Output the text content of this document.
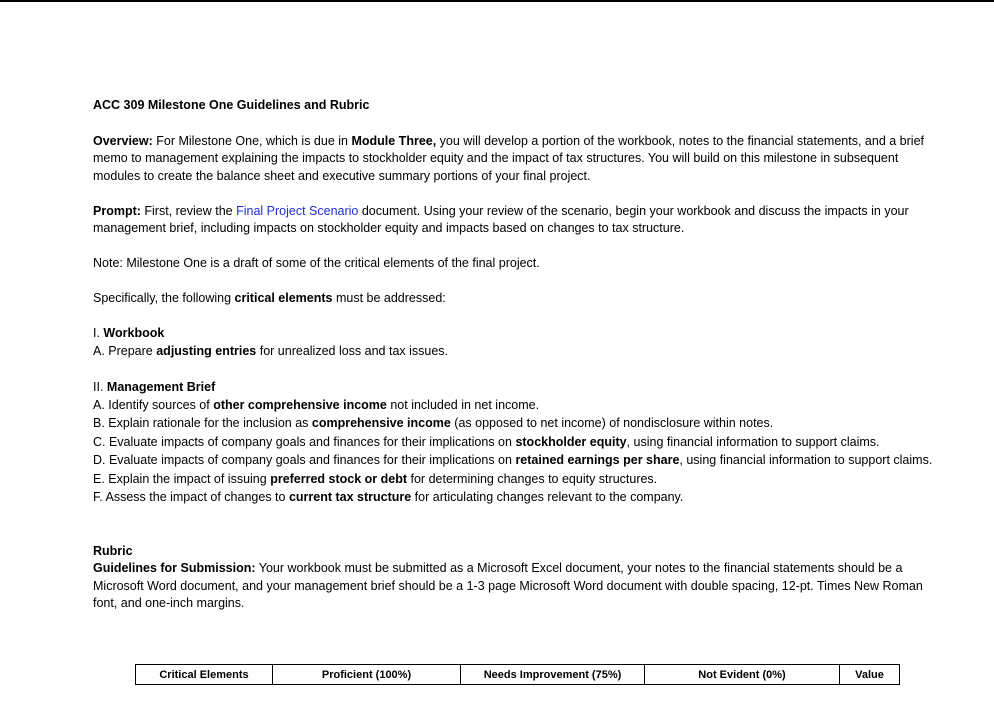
ACC 309 Milestone One Guidelines and Rubric

Overview: For Milestone One, which is due in Module Three, you will develop a portion of the workbook, notes to the financial statements, and a brief memo to management explaining the impacts to stockholder equity and the impact of tax structures. You will build on this milestone in subsequent modules to create the balance sheet and executive summary portions of your final project.

Prompt: First, review the Final Project Scenario document. Using your review of the scenario, begin your workbook and discuss the impacts in your management brief, including impacts on stockholder equity and impacts based on changes to tax structure.

Note: Milestone One is a draft of some of the critical elements of the final project.

Specifically, the following critical elements must be addressed:

I. Workbook

A. Prepare adjusting entries for unrealized loss and tax issues.

II. Management Brief

A. Identify sources of other comprehensive income not included in net income.
B. Explain rationale for the inclusion as comprehensive income (as opposed to net income) of nondisclosure within notes.
C. Evaluate impacts of company goals and finances for their implications on stockholder equity, using financial information to support claims.
D. Evaluate impacts of company goals and finances for their implications on retained earnings per share, using financial information to support claims.
E. Explain the impact of issuing preferred stock or debt for determining changes to equity structures.
F. Assess the impact of changes to current tax structure for articulating changes relevant to the company.

Rubric

Guidelines for Submission: Your workbook must be submitted as a Microsoft Excel document, your notes to the financial statements should be a Microsoft Word document, and your management brief should be a 1-3 page Microsoft Word document with double spacing, 12-pt. Times New Roman font, and one-inch margins.

Critical Elements	Proficient (100%)	Needs Improvement (75%)	Not Evident (0%)	Value
